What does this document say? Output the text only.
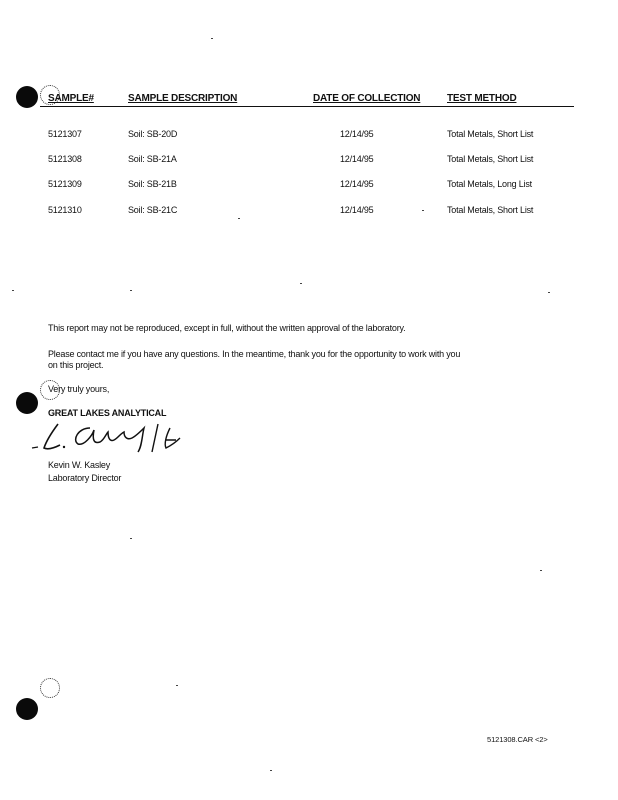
SAMPLE#	SAMPLE DESCRIPTION	DATE OF COLLECTION	TEST METHOD
5121307	Soil: SB-20D	12/14/95	Total Metals, Short List
5121308	Soil: SB-21A	12/14/95	Total Metals, Short List
5121309	Soil: SB-21B	12/14/95	Total Metals, Long List
5121310	Soil: SB-21C	12/14/95	Total Metals, Short List
This report may not be reproduced, except in full, without the written approval of the laboratory.
Please contact me if you have any questions. In the meantime, thank you for the opportunity to work with you
on this project.
Very truly yours,
GREAT LAKES ANALYTICAL
Kevin W. Kasley
Laboratory Director
5121308.CAR <2>
